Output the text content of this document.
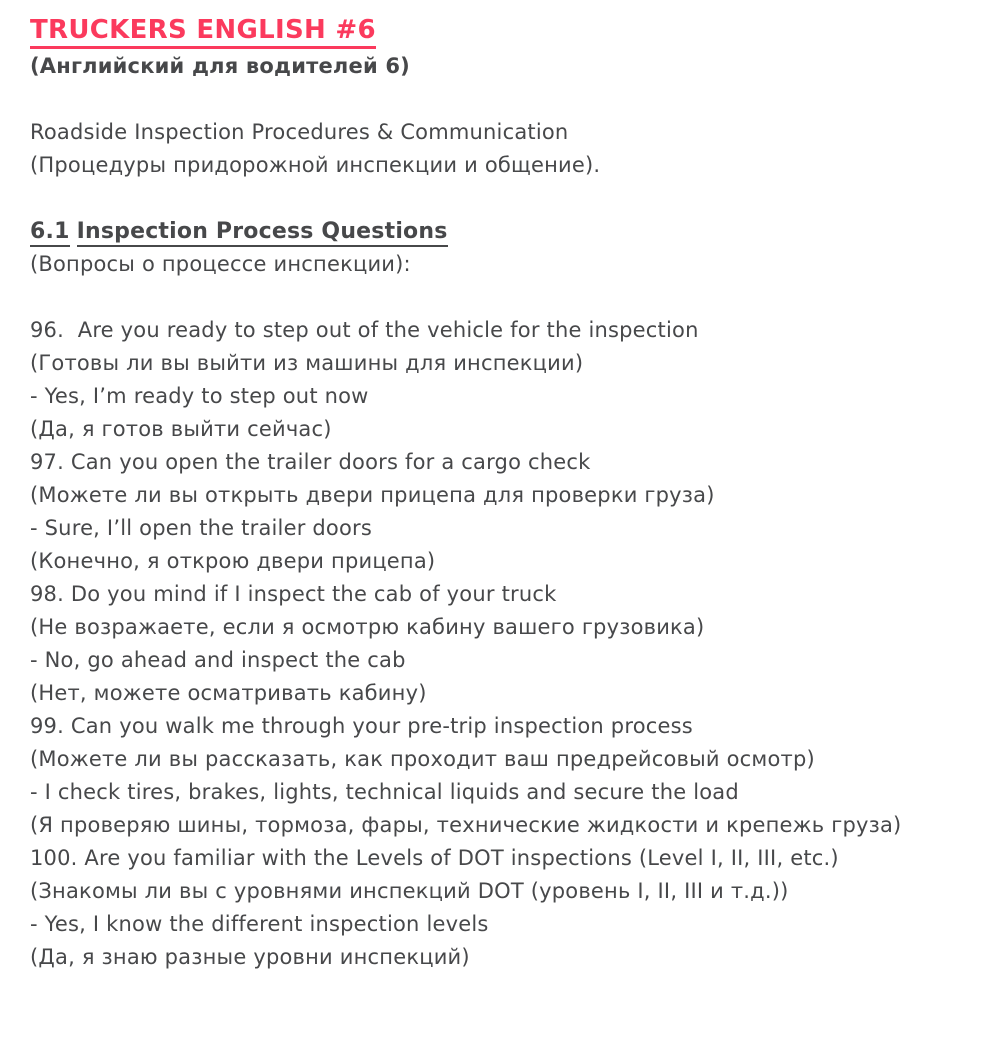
TRUCKERS ENGLISH #6

(Английский для водителей 6)

Roadside Inspection Procedures & Communication

(Процедуры придорожной инспекции и общение).

6.1 Inspection Process Questions

(Вопросы о процессе инспекции):

96.  Are you ready to step out of the vehicle for the inspection
(Готовы ли вы выйти из машины для инспекции)
- Yes, I’m ready to step out now
(Да, я готов выйти сейчас)
97. Can you open the trailer doors for a cargo check
(Можете ли вы открыть двери прицепа для проверки груза)
- Sure, I’ll open the trailer doors
(Конечно, я открою двери прицепа)
98. Do you mind if I inspect the cab of your truck
(Не возражаете, если я осмотрю кабину вашего грузовика)
- No, go ahead and inspect the cab
(Нет, можете осматривать кабину)
99. Can you walk me through your pre-trip inspection process
(Можете ли вы рассказать, как проходит ваш предрейсовый осмотр)
- I check tires, brakes, lights, technical liquids and secure the load
(Я проверяю шины, тормоза, фары, технические жидкости и крепежь груза)
100. Are you familiar with the Levels of DOT inspections (Level I, II, III, etc.)
(Знакомы ли вы с уровнями инспекций DOT (уровень I, II, III и т.д.))
- Yes, I know the different inspection levels
(Да, я знаю разные уровни инспекций)
